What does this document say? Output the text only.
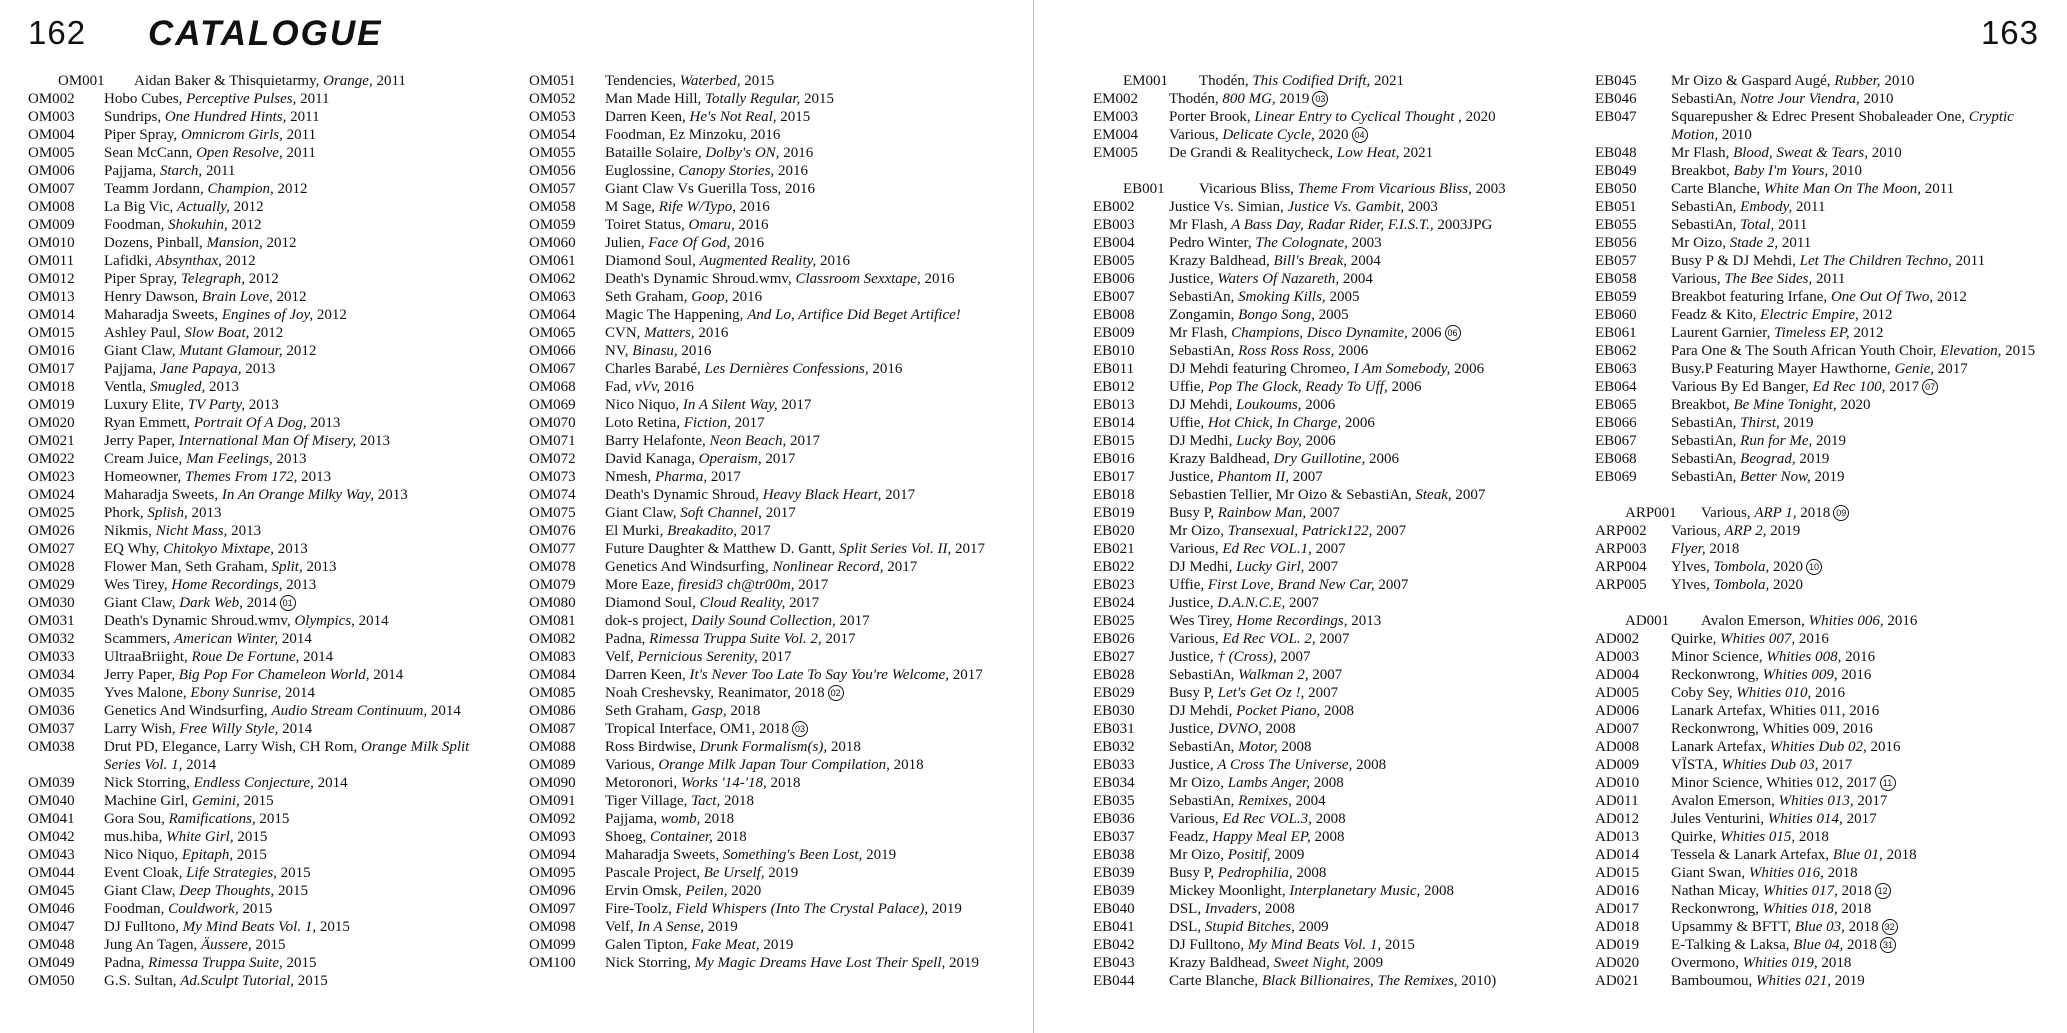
162 CATALOGUE	163
OM001	Aidan Baker & Thisquietarmy, Orange, 2011
OM002	Hobo Cubes, Perceptive Pulses, 2011
OM003	Sundrips, One Hundred Hints, 2011
OM004	Piper Spray, Omnicrom Girls, 2011
OM005	Sean McCann, Open Resolve, 2011
OM006	Pajjama, Starch, 2011
OM007	Teamm Jordann, Champion, 2012
OM008	La Big Vic, Actually, 2012
OM009	Foodman, Shokuhin, 2012
OM010	Dozens, Pinball, Mansion, 2012
OM011	Lafidki, Absynthax, 2012
OM012	Piper Spray, Telegraph, 2012
OM013	Henry Dawson, Brain Love, 2012
OM014	Maharadja Sweets, Engines of Joy, 2012
OM015	Ashley Paul, Slow Boat, 2012
OM016	Giant Claw, Mutant Glamour, 2012
OM017	Pajjama, Jane Papaya, 2013
OM018	Ventla, Smugled, 2013
OM019	Luxury Elite, TV Party, 2013
OM020	Ryan Emmett, Portrait Of A Dog, 2013
OM021	Jerry Paper, International Man Of Misery, 2013
OM022	Cream Juice, Man Feelings, 2013
OM023	Homeowner, Themes From 172, 2013
OM024	Maharadja Sweets, In An Orange Milky Way, 2013
OM025	Phork, Splish, 2013
OM026	Nikmis, Nicht Mass, 2013
OM027	EQ Why, Chitokyo Mixtape, 2013
OM028	Flower Man, Seth Graham, Split, 2013
OM029	Wes Tirey, Home Recordings, 2013
OM030	Giant Claw, Dark Web, 2014 01
OM031	Death's Dynamic Shroud.wmv, Olympics, 2014
OM032	Scammers, American Winter, 2014
OM033	UltraaBriight, Roue De Fortune, 2014
OM034	Jerry Paper, Big Pop For Chameleon World, 2014
OM035	Yves Malone, Ebony Sunrise, 2014
OM036	Genetics And Windsurfing, Audio Stream Continuum, 2014
OM037	Larry Wish, Free Willy Style, 2014
OM038	Drut PD, Elegance, Larry Wish, CH Rom, Orange Milk Split Series Vol. 1, 2014
OM039	Nick Storring, Endless Conjecture, 2014
OM040	Machine Girl, Gemini, 2015
OM041	Gora Sou, Ramifications, 2015
OM042	mus.hiba, White Girl, 2015
OM043	Nico Niquo, Epitaph, 2015
OM044	Event Cloak, Life Strategies, 2015
OM045	Giant Claw, Deep Thoughts, 2015
OM046	Foodman, Couldwork, 2015
OM047	DJ Fulltono, My Mind Beats Vol. 1, 2015
OM048	Jung An Tagen, Äussere, 2015
OM049	Padna, Rimessa Truppa Suite, 2015
OM050	G.S. Sultan, Ad.Sculpt Tutorial, 2015
OM051	Tendencies, Waterbed, 2015
OM052	Man Made Hill, Totally Regular, 2015
OM053	Darren Keen, He's Not Real, 2015
OM054	Foodman, Ez Minzoku, 2016
OM055	Bataille Solaire, Dolby's ON, 2016
OM056	Euglossine, Canopy Stories, 2016
OM057	Giant Claw Vs Guerilla Toss, 2016
OM058	M Sage, Rife W/Typo, 2016
OM059	Toiret Status, Omaru, 2016
OM060	Julien, Face Of God, 2016
OM061	Diamond Soul, Augmented Reality, 2016
OM062	Death's Dynamic Shroud.wmv, Classroom Sexxtape, 2016
OM063	Seth Graham, Goop, 2016
OM064	Magic The Happening, And Lo, Artifice Did Beget Artifice!
OM065	CVN, Matters, 2016
OM066	NV, Binasu, 2016
OM067	Charles Barabé, Les Dernières Confessions, 2016
OM068	Fad, vVv, 2016
OM069	Nico Niquo, In A Silent Way, 2017
OM070	Loto Retina, Fiction, 2017
OM071	Barry Helafonte, Neon Beach, 2017
OM072	David Kanaga, Operaism, 2017
OM073	Nmesh, Pharma, 2017
OM074	Death's Dynamic Shroud, Heavy Black Heart, 2017
OM075	Giant Claw, Soft Channel, 2017
OM076	El Murki, Breakadito, 2017
OM077	Future Daughter & Matthew D. Gantt, Split Series Vol. II, 2017
OM078	Genetics And Windsurfing, Nonlinear Record, 2017
OM079	More Eaze, firesid3 ch@tr00m, 2017
OM080	Diamond Soul, Cloud Reality, 2017
OM081	dok-s project, Daily Sound Collection, 2017
OM082	Padna, Rimessa Truppa Suite Vol. 2, 2017
OM083	Velf, Pernicious Serenity, 2017
OM084	Darren Keen, It's Never Too Late To Say You're Welcome, 2017
OM085	Noah Creshevsky, Reanimator, 2018 02
OM086	Seth Graham, Gasp, 2018
OM087	Tropical Interface, OM1, 2018 03
OM088	Ross Birdwise, Drunk Formalism(s), 2018
OM089	Various, Orange Milk Japan Tour Compilation, 2018
OM090	Metoronori, Works '14-'18, 2018
OM091	Tiger Village, Tact, 2018
OM092	Pajjama, womb, 2018
OM093	Shoeg, Container, 2018
OM094	Maharadja Sweets, Something's Been Lost, 2019
OM095	Pascale Project, Be Urself, 2019
OM096	Ervin Omsk, Peilen, 2020
OM097	Fire-Toolz, Field Whispers (Into The Crystal Palace), 2019
OM098	Velf, In A Sense, 2019
OM099	Galen Tipton, Fake Meat, 2019
OM100	Nick Storring, My Magic Dreams Have Lost Their Spell, 2019
EM001	Thodén, This Codified Drift, 2021
EM002	Thodén, 800 MG, 2019 03
EM003	Porter Brook, Linear Entry to Cyclical Thought , 2020
EM004	Various, Delicate Cycle, 2020 04
EM005	De Grandi & Realitycheck, Low Heat, 2021
EB001	Vicarious Bliss, Theme From Vicarious Bliss, 2003
EB002	Justice Vs. Simian, Justice Vs. Gambit, 2003
EB003	Mr Flash, A Bass Day, Radar Rider, F.I.S.T., 2003JPG
EB004	Pedro Winter, The Colognate, 2003
EB005	Krazy Baldhead, Bill's Break, 2004
EB006	Justice, Waters Of Nazareth, 2004
EB007	SebastiAn, Smoking Kills, 2005
EB008	Zongamin, Bongo Song, 2005
EB009	Mr Flash, Champions, Disco Dynamite, 2006 06
EB010	SebastiAn, Ross Ross Ross, 2006
EB011	DJ Mehdi featuring Chromeo, I Am Somebody, 2006
EB012	Uffie, Pop The Glock, Ready To Uff, 2006
EB013	DJ Mehdi, Loukoums, 2006
EB014	Uffie, Hot Chick, In Charge, 2006
EB015	DJ Medhi, Lucky Boy, 2006
EB016	Krazy Baldhead, Dry Guillotine, 2006
EB017	Justice, Phantom II, 2007
EB018	Sebastien Tellier, Mr Oizo & SebastiAn, Steak, 2007
EB019	Busy P, Rainbow Man, 2007
EB020	Mr Oizo, Transexual, Patrick122, 2007
EB021	Various, Ed Rec VOL.1, 2007
EB022	DJ Medhi, Lucky Girl, 2007
EB023	Uffie, First Love, Brand New Car, 2007
EB024	Justice, D.A.N.C.E, 2007
EB025	Wes Tirey, Home Recordings, 2013
EB026	Various, Ed Rec VOL. 2, 2007
EB027	Justice, † (Cross), 2007
EB028	SebastiAn, Walkman 2, 2007
EB029	Busy P, Let's Get Oz !, 2007
EB030	DJ Mehdi, Pocket Piano, 2008
EB031	Justice, DVNO, 2008
EB032	SebastiAn, Motor, 2008
EB033	Justice, A Cross The Universe, 2008
EB034	Mr Oizo, Lambs Anger, 2008
EB035	SebastiAn, Remixes, 2004
EB036	Various, Ed Rec VOL.3, 2008
EB037	Feadz, Happy Meal EP, 2008
EB038	Mr Oizo, Positif, 2009
EB039	Busy P, Pedrophilia, 2008
EB039	Mickey Moonlight, Interplanetary Music, 2008
EB040	DSL, Invaders, 2008
EB041	DSL, Stupid Bitches, 2009
EB042	DJ Fulltono, My Mind Beats Vol. 1, 2015
EB043	Krazy Baldhead, Sweet Night, 2009
EB044	Carte Blanche, Black Billionaires, The Remixes, 2010)
EB045	Mr Oizo & Gaspard Augé, Rubber, 2010
EB046	SebastiAn, Notre Jour Viendra, 2010
EB047	Squarepusher & Edrec Present Shobaleader One, Cryptic Motion, 2010
EB048	Mr Flash, Blood, Sweat & Tears, 2010
EB049	Breakbot, Baby I'm Yours, 2010
EB050	Carte Blanche, White Man On The Moon, 2011
EB051	SebastiAn, Embody, 2011
EB055	SebastiAn, Total, 2011
EB056	Mr Oizo, Stade 2, 2011
EB057	Busy P & DJ Mehdi, Let The Children Techno, 2011
EB058	Various, The Bee Sides, 2011
EB059	Breakbot featuring Irfane, One Out Of Two, 2012
EB060	Feadz & Kito, Electric Empire, 2012
EB061	Laurent Garnier, Timeless EP, 2012
EB062	Para One & The South African Youth Choir, Elevation, 2015
EB063	Busy.P Featuring Mayer Hawthorne, Genie, 2017
EB064	Various By Ed Banger, Ed Rec 100, 2017 07
EB065	Breakbot, Be Mine Tonight, 2020
EB066	SebastiAn, Thirst, 2019
EB067	SebastiAn, Run for Me, 2019
EB068	SebastiAn, Beograd, 2019
EB069	SebastiAn, Better Now, 2019
ARP001	Various, ARP 1, 2018 09
ARP002	Various, ARP 2, 2019
ARP003	Flyer, 2018
ARP004	Ylves, Tombola, 2020 10
ARP005	Ylves, Tombola, 2020
AD001	Avalon Emerson, Whities 006, 2016
AD002	Quirke, Whities 007, 2016
AD003	Minor Science, Whities 008, 2016
AD004	Reckonwrong, Whities 009, 2016
AD005	Coby Sey, Whities 010, 2016
AD006	Lanark Artefax, Whities 011, 2016
AD007	Reckonwrong, Whities 009, 2016
AD008	Lanark Artefax, Whities Dub 02, 2016
AD009	VÏSTA, Whities Dub 03, 2017
AD010	Minor Science, Whities 012, 2017 11
AD011	Avalon Emerson, Whities 013, 2017
AD012	Jules Venturini, Whities 014, 2017
AD013	Quirke, Whities 015, 2018
AD014	Tessela & Lanark Artefax, Blue 01, 2018
AD015	Giant Swan, Whities 016, 2018
AD016	Nathan Micay, Whities 017, 2018 12
AD017	Reckonwrong, Whities 018, 2018
AD018	Upsammy & BFTT, Blue 03, 2018 32
AD019	E-Talking & Laksa, Blue 04, 2018 31
AD020	Overmono, Whities 019, 2018
AD021	Bamboumou, Whities 021, 2019
